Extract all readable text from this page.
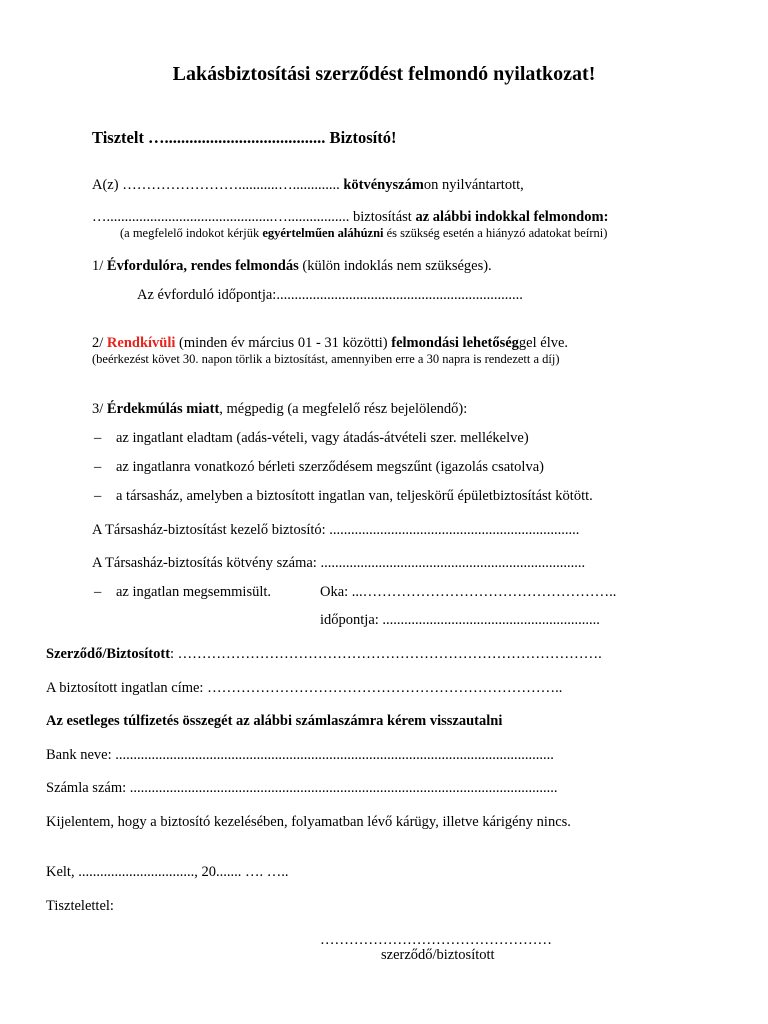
Lakásbiztosítási szerződést felmondó nyilatkozat!
Tisztelt …....................................... Biztosító!
A(z) ……………………...........…............. kötvényszámon nyilvántartott,
…..............................................…................. biztosítást az alábbi indokkal felmondom:
(a megfelelő indokot kérjük egyértelműen aláhúzni és szükség esetén a hiányzó adatokat beírni)
1/ Évfordulóra, rendes felmondás (külön indoklás nem szükséges).
Az évforduló időpontja:....................................................................
2/ Rendkívüli (minden év március 01 - 31 közötti) felmondási lehetőséggel élve.
(beérkezést követ 30. napon törlik a biztosítást, amennyiben erre a 30 napra is rendezett a díj)
3/ Érdekmúlás miatt, mégpedig (a megfelelő rész bejelölendő):
– az ingatlant eladtam (adás-vételi, vagy átadás-átvételi szer. mellékelve)
– az ingatlanra vonatkozó bérleti szerződésem megszűnt (igazolás csatolva)
– a társasház, amelyben a biztosított ingatlan van, teljeskörű épületbiztosítást kötött.
A Társasház-biztosítást kezelő biztosító: .....................................................................
A Társasház-biztosítás kötvény száma: .........................................................................
– az ingatlan megsemmisült.	Oka: ...……………………………………………..
időpontja: ............................................................
Szerződő/Biztosított: …………………………………………………………………………….
A biztosított ingatlan címe: ………………………………………………………………..
Az esetleges túlfizetés összegét az alábbi számlaszámra kérem visszautalni
Bank neve: .........................................................................................................................
Számla szám: ......................................................................................................................
Kijelentem, hogy a biztosító kezelésében, folyamatban lévő kárügy, illetve kárigény nincs.
Kelt, ................................, 20....... …. …..
Tisztelettel:
…………………………………………
szerződő/biztosított
